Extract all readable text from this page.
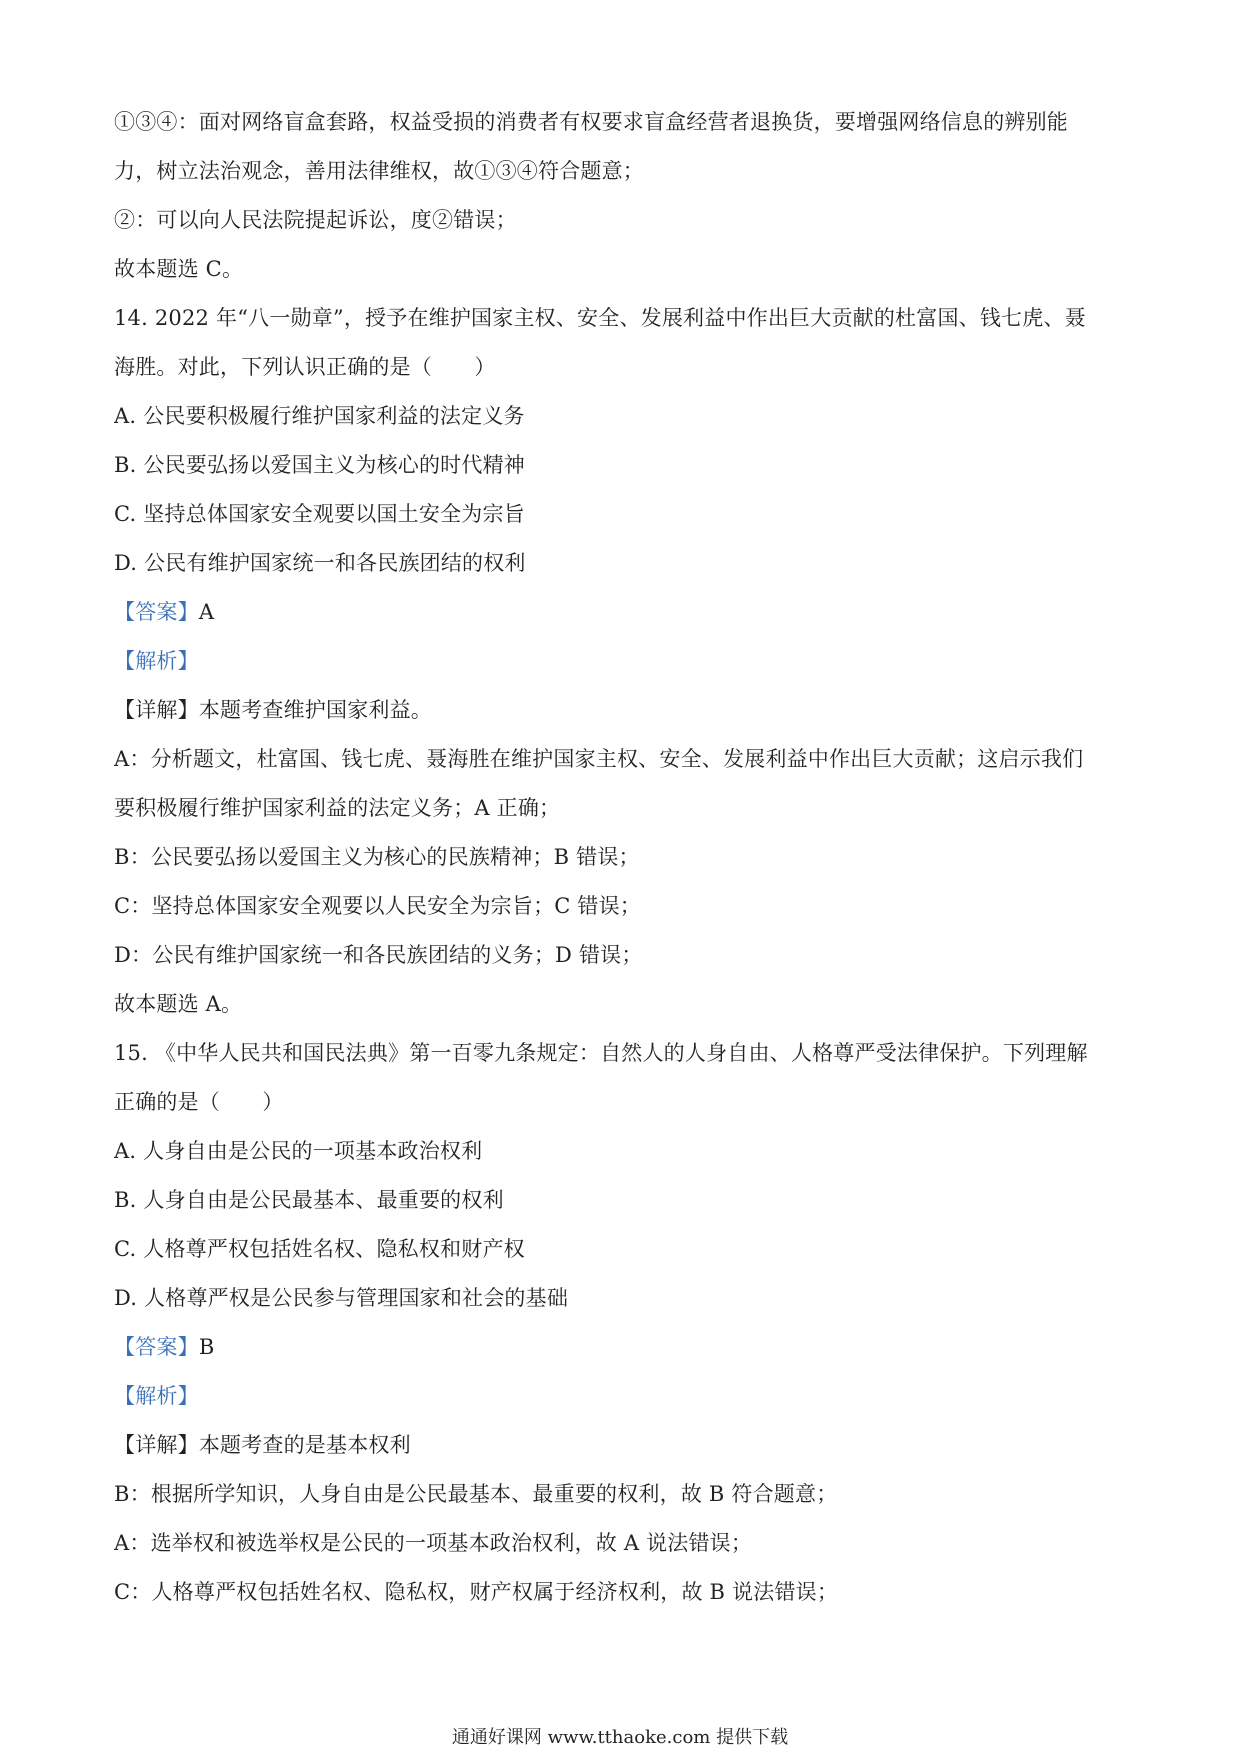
①③④：面对网络盲盒套路，权益受损的消费者有权要求盲盒经营者退换货，要增强网络信息的辨别能
力，树立法治观念，善用法律维权，故①③④符合题意；
②：可以向人民法院提起诉讼，度②错误；
故本题选 C。
14. 2022 年“八一勋章”，授予在维护国家主权、安全、发展利益中作出巨大贡献的杜富国、钱七虎、聂
海胜。对此，下列认识正确的是（　　）
A. 公民要积极履行维护国家利益的法定义务
B. 公民要弘扬以爱国主义为核心的时代精神
C. 坚持总体国家安全观要以国土安全为宗旨
D. 公民有维护国家统一和各民族团结的权利
【答案】A
【解析】
【详解】本题考查维护国家利益。
A：分析题文，杜富国、钱七虎、聂海胜在维护国家主权、安全、发展利益中作出巨大贡献；这启示我们
要积极履行维护国家利益的法定义务；A 正确；
B：公民要弘扬以爱国主义为核心的民族精神；B 错误；
C：坚持总体国家安全观要以人民安全为宗旨；C 错误；
D：公民有维护国家统一和各民族团结的义务；D 错误；
故本题选 A。
15. 《中华人民共和国民法典》第一百零九条规定：自然人的人身自由、人格尊严受法律保护。下列理解
正确的是（　　）
A. 人身自由是公民的一项基本政治权利
B. 人身自由是公民最基本、最重要的权利
C. 人格尊严权包括姓名权、隐私权和财产权
D. 人格尊严权是公民参与管理国家和社会的基础
【答案】B
【解析】
【详解】本题考查的是基本权利
B：根据所学知识，人身自由是公民最基本、最重要的权利，故 B 符合题意；
A：选举权和被选举权是公民的一项基本政治权利，故 A 说法错误；
C：人格尊严权包括姓名权、隐私权，财产权属于经济权利，故 B 说法错误；
通通好课网 www.tthaoke.com 提供下载
